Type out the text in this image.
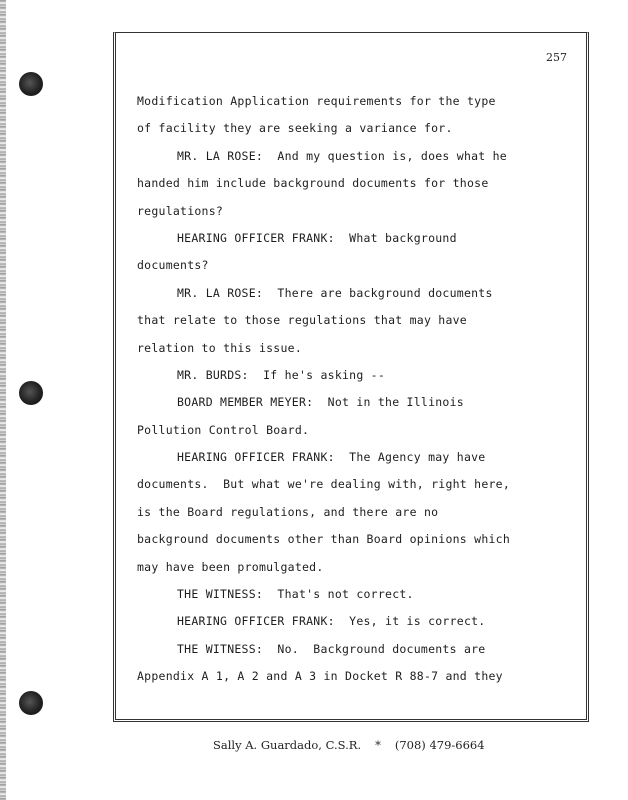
257
Modification Application requirements for the type
of facility they are seeking a variance for.
MR. LA ROSE:  And my question is, does what he
handed him include background documents for those
regulations?
HEARING OFFICER FRANK:  What background
documents?
MR. LA ROSE:  There are background documents
that relate to those regulations that may have
relation to this issue.
MR. BURDS:  If he's asking --
BOARD MEMBER MEYER:  Not in the Illinois
Pollution Control Board.
HEARING OFFICER FRANK:  The Agency may have
documents.  But what we're dealing with, right here,
is the Board regulations, and there are no
background documents other than Board opinions which
may have been promulgated.
THE WITNESS:  That's not correct.
HEARING OFFICER FRANK:  Yes, it is correct.
THE WITNESS:  No.  Background documents are
Appendix A 1, A 2 and A 3 in Docket R 88-7 and they
Sally A. Guardado, C.S.R. * (708) 479-6664
